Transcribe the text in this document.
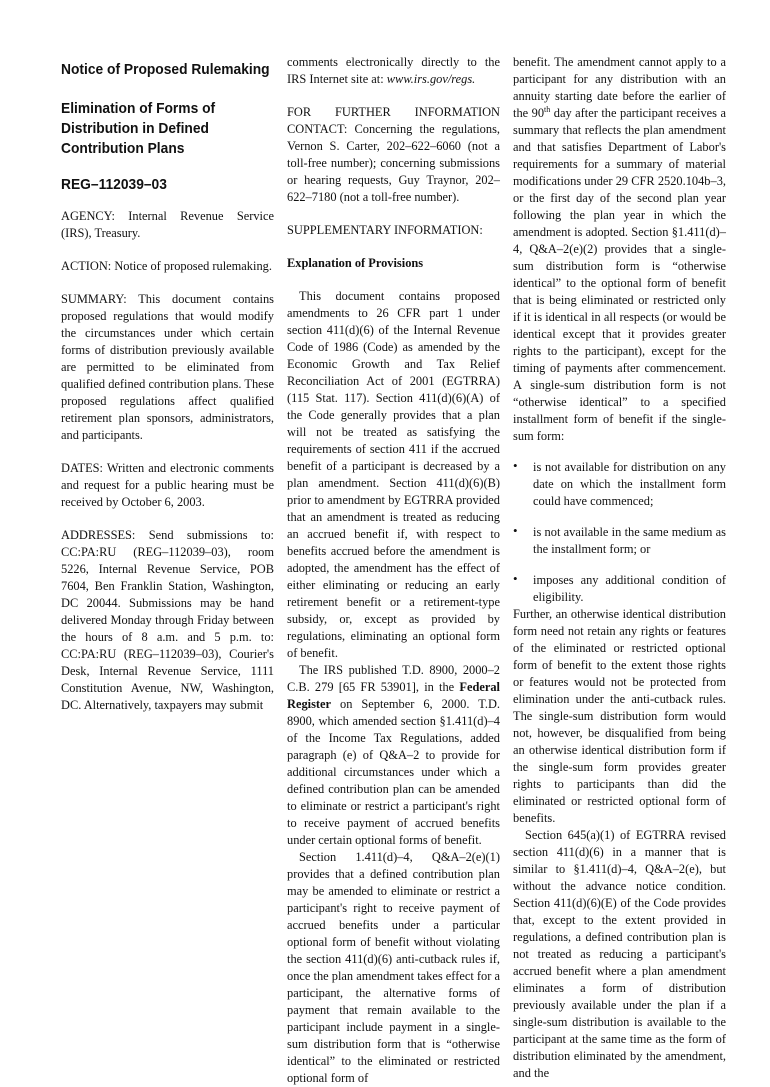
Notice of Proposed Rulemaking
Elimination of Forms of Distribution in Defined Contribution Plans
REG–112039–03

AGENCY: Internal Revenue Service (IRS), Treasury.

ACTION: Notice of proposed rulemaking.

SUMMARY: This document contains proposed regulations that would modify the circumstances under which certain forms of distribution previously available are permitted to be eliminated from qualified defined contribution plans. These proposed regulations affect qualified retirement plan sponsors, administrators, and participants.

DATES: Written and electronic comments and request for a public hearing must be received by October 6, 2003.

ADDRESSES: Send submissions to: CC:PA:RU (REG–112039–03), room 5226, Internal Revenue Service, POB 7604, Ben Franklin Station, Washington, DC 20044. Submissions may be hand delivered Monday through Friday between the hours of 8 a.m. and 5 p.m. to: CC:PA:RU (REG–112039–03), Courier's Desk, Internal Revenue Service, 1111 Constitution Avenue, NW, Washington, DC. Alternatively, taxpayers may submit

comments electronically directly to the IRS Internet site at: www.irs.gov/regs.

FOR FURTHER INFORMATION CONTACT: Concerning the regulations, Vernon S. Carter, 202–622–6060 (not a toll-free number); concerning submissions or hearing requests, Guy Traynor, 202–622–7180 (not a toll-free number).

SUPPLEMENTARY INFORMATION:

Explanation of Provisions

This document contains proposed amendments to 26 CFR part 1 under section 411(d)(6) of the Internal Revenue Code of 1986 (Code) as amended by the Economic Growth and Tax Relief Reconciliation Act of 2001 (EGTRRA) (115 Stat. 117). Section 411(d)(6)(A) of the Code generally provides that a plan will not be treated as satisfying the requirements of section 411 if the accrued benefit of a participant is decreased by a plan amendment. Section 411(d)(6)(B) prior to amendment by EGTRRA provided that an amendment is treated as reducing an accrued benefit if, with respect to benefits accrued before the amendment is adopted, the amendment has the effect of either eliminating or reducing an early retirement benefit or a retirement-type subsidy, or, except as provided by regulations, eliminating an optional form of benefit.

The IRS published T.D. 8900, 2000–2 C.B. 279 [65 FR 53901], in the Federal Register on September 6, 2000. T.D. 8900, which amended section §1.411(d)–4 of the Income Tax Regulations, added paragraph (e) of Q&A–2 to provide for additional circumstances under which a defined contribution plan can be amended to eliminate or restrict a participant's right to receive payment of accrued benefits under certain optional forms of benefit.

Section 1.411(d)–4, Q&A–2(e)(1) provides that a defined contribution plan may be amended to eliminate or restrict a participant's right to receive payment of accrued benefits under a particular optional form of benefit without violating the section 411(d)(6) anti-cutback rules if, once the plan amendment takes effect for a participant, the alternative forms of payment that remain available to the participant include payment in a single-sum distribution form that is “otherwise identical” to the eliminated or restricted optional form of

benefit. The amendment cannot apply to a participant for any distribution with an annuity starting date before the earlier of the 90th day after the participant receives a summary that reflects the plan amendment and that satisfies Department of Labor's requirements for a summary of material modifications under 29 CFR 2520.104b–3, or the first day of the second plan year following the plan year in which the amendment is adopted. Section §1.411(d)–4, Q&A–2(e)(2) provides that a single-sum distribution form is “otherwise identical” to the optional form of benefit that is being eliminated or restricted only if it is identical in all respects (or would be identical except that it provides greater rights to the participant), except for the timing of payments after commencement. A single-sum distribution form is not “otherwise identical” to a specified installment form of benefit if the single-sum form:

• is not available for distribution on any date on which the installment form could have commenced;
• is not available in the same medium as the installment form; or
• imposes any additional condition of eligibility.

Further, an otherwise identical distribution form need not retain any rights or features of the eliminated or restricted optional form of benefit to the extent those rights or features would not be protected from elimination under the anti-cutback rules. The single-sum distribution form would not, however, be disqualified from being an otherwise identical distribution form if the single-sum form provides greater rights to participants than did the eliminated or restricted optional form of benefits.

Section 645(a)(1) of EGTRRA revised section 411(d)(6) in a manner that is similar to §1.411(d)–4, Q&A–2(e), but without the advance notice condition. Section 411(d)(6)(E) of the Code provides that, except to the extent provided in regulations, a defined contribution plan is not treated as reducing a participant's accrued benefit where a plan amendment eliminates a form of distribution previously available under the plan if a single-sum distribution is available to the participant at the same time as the form of distribution eliminated by the amendment, and the
